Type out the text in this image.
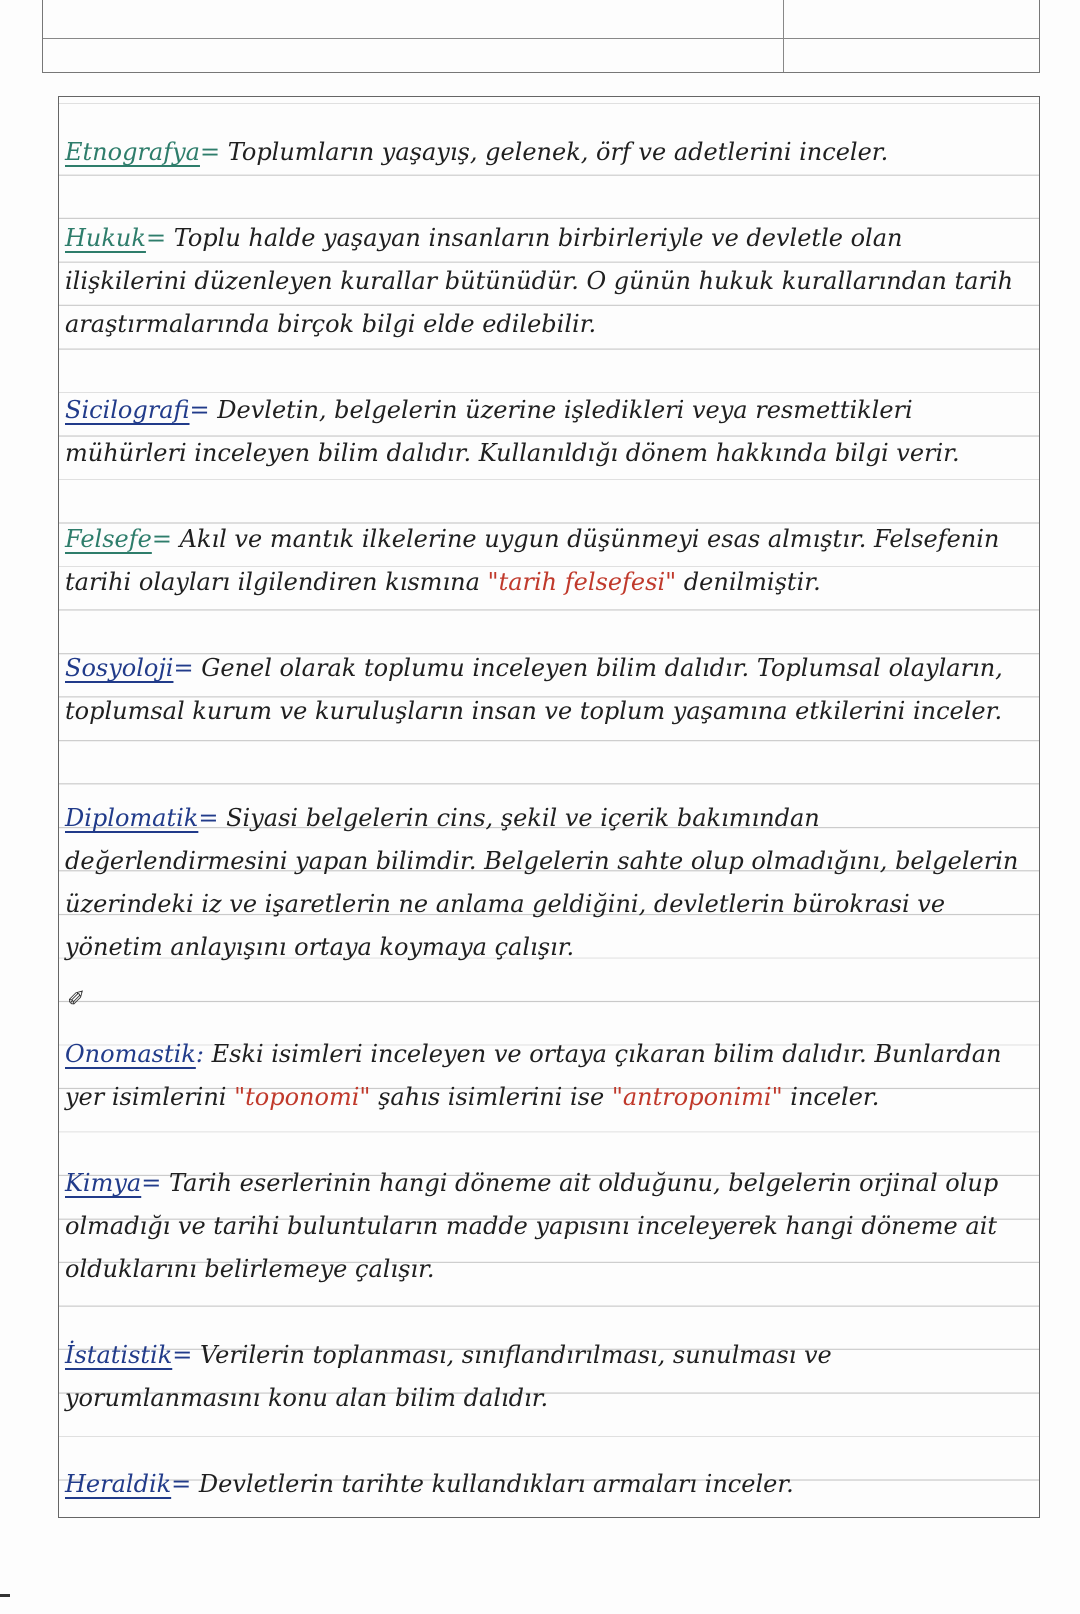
Etnografya= Toplumların yaşayış, gelenek, örf ve adetlerini inceler.
Hukuk= Toplu halde yaşayan insanların birbirleriyle ve devletle olan ilişkilerini düzenleyen kurallar bütünüdür. O günün hukuk kurallarından tarih araştırmalarında birçok bilgi elde edilebilir.
Sicilografi= Devletin, belgelerin üzerine işledikleri veya resmettikleri mühürleri inceleyen bilim dalıdır. Kullanıldığı dönem hakkında bilgi verir.
Felsefe= Akıl ve mantık ilkelerine uygun düşünmeyi esas almıştır. Felsefenin tarihi olayları ilgilendiren kısmına "tarih felsefesi" denilmiştir.
Sosyoloji= Genel olarak toplumu inceleyen bilim dalıdır. Toplumsal olayların, toplumsal kurum ve kuruluşların insan ve toplum yaşamına etkilerini inceler.
Diplomatik= Siyasi belgelerin cins, şekil ve içerik bakımından değerlendirmesini yapan bilimdir. Belgelerin sahte olup olmadığını, belgelerin üzerindeki iz ve işaretlerin ne anlama geldiğini, devletlerin bürokrasi ve yönetim anlayışını ortaya koymaya çalışır.
✐
Onomastik: Eski isimleri inceleyen ve ortaya çıkaran bilim dalıdır. Bunlardan yer isimlerini "toponomi" şahıs isimlerini ise "antroponimi" inceler.
Kimya= Tarih eserlerinin hangi döneme ait olduğunu, belgelerin orjinal olup olmadığı ve tarihi buluntuların madde yapısını inceleyerek hangi döneme ait olduklarını belirlemeye çalışır.
İstatistik= Verilerin toplanması, sınıflandırılması, sunulması ve yorumlanmasını konu alan bilim dalıdır.
Heraldik= Devletlerin tarihte kullandıkları armaları inceler.
